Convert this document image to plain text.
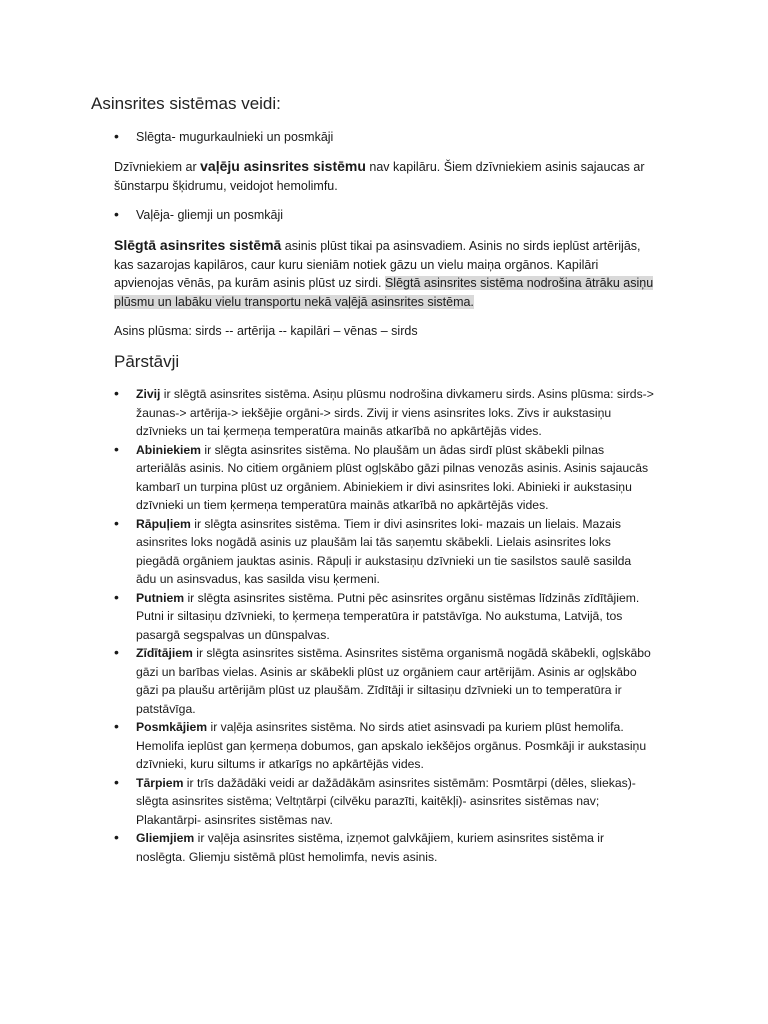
Asinsrites sistēmas veidi:
• Slēgta- mugurkaulnieki un posmkāji
Dzīvniekiem ar vaļēju asinsrites sistēmu nav kapilāru. Šiem dzīvniekiem asinis sajaucas ar šūnstarpu šķidrumu, veidojot hemolimfu.
• Vaļēja- gliemji un posmkāji
Slēgtā asinsrites sistēmā asinis plūst tikai pa asinsvadiem. Asinis no sirds ieplūst artērijās, kas sazarojas kapilāros, caur kuru sieniām notiek gāzu un vielu maiņa orgānos. Kapilāri apvienojas vēnās, pa kurām asinis plūst uz sirdi. Slēgtā asinsrites sistēma nodrošina ātrāku asiņu plūsmu un labāku vielu transportu nekā vaļējā asinsrites sistēma.
Asins plūsma: sirds -- artērija -- kapilāri – vēnas – sirds
Pārstāvji
• Zivij ir slēgtā asinsrites sistēma. Asiņu plūsmu nodrošina divkameru sirds. Asins plūsma: sirds-> žaunas-> artērija-> iekšējie orgāni-> sirds. Zivij ir viens asinsrites loks. Zivs ir aukstasiņu dzīvnieks un tai ķermeņa temperatūra mainās atkarībā no apkārtējās vides.
• Abiniekiem ir slēgta asinsrites sistēma. No plaušām un ādas sirdī plūst skābekli pilnas arteriālās asinis. No citiem orgāniem plūst ogļskābo gāzi pilnas venozās asinis. Asinis sajaucās kambarī un turpina plūst uz orgāniem. Abiniekiem ir divi asinsrites loki. Abinieki ir aukstasiņu dzīvnieki un tiem ķermeņa temperatūra mainās atkarībā no apkārtējās vides.
• Rāpuļiem ir slēgta asinsrites sistēma. Tiem ir divi asinsrites loki- mazais un lielais. Mazais asinsrites loks nogādā asinis uz plaušām lai tās saņemtu skābekli. Lielais asinsrites loks piegādā orgāniem jauktas asinis. Rāpuļi ir aukstasiņu dzīvnieki un tie sasilstos saulē sasilda ādu un asinsvadus, kas sasilda visu ķermeni.
• Putniem ir slēgta asinsrites sistēma. Putni pēc asinsrites orgānu sistēmas līdzinās zīdītājiem. Putni ir siltasiņu dzīvnieki, to ķermeņa temperatūra ir patstāvīga. No aukstuma, Latvijā, tos pasargā segspalvas un dūnspalvas.
• Zīdītājiem ir slēgta asinsrites sistēma. Asinsrites sistēma organismā nogādā skābekli, ogļskābo gāzi un barības vielas. Asinis ar skābekli plūst uz orgāniem caur artērijām. Asinis ar ogļskābo gāzi pa plaušu artērijām plūst uz plaušām. Zīdītāji ir siltasiņu dzīvnieki un to temperatūra ir patstāvīga.
• Posmkājiem ir vaļēja asinsrites sistēma. No sirds atiet asinsvadi pa kuriem plūst hemolifa. Hemolifa ieplūst gan ķermeņa dobumos, gan apskalo iekšējos orgānus. Posmkāji ir aukstasiņu dzīvnieki, kuru siltums ir atkarīgs no apkārtējās vides.
• Tārpiem ir trīs dažādāki veidi ar dažādākām asinsrites sistēmām: Posmtārpi (dēles, sliekas)- slēgta asinsrites sistēma; Veltņtārpi (cilvēku parazīti, kaitēkļi)- asinsrites sistēmas nav; Plakantārpi- asinsrites sistēmas nav.
• Gliemjiem ir vaļēja asinsrites sistēma, izņemot galvkājiem, kuriem asinsrites sistēma ir noslēgta. Gliemju sistēmā plūst hemolimfa, nevis asinis.
